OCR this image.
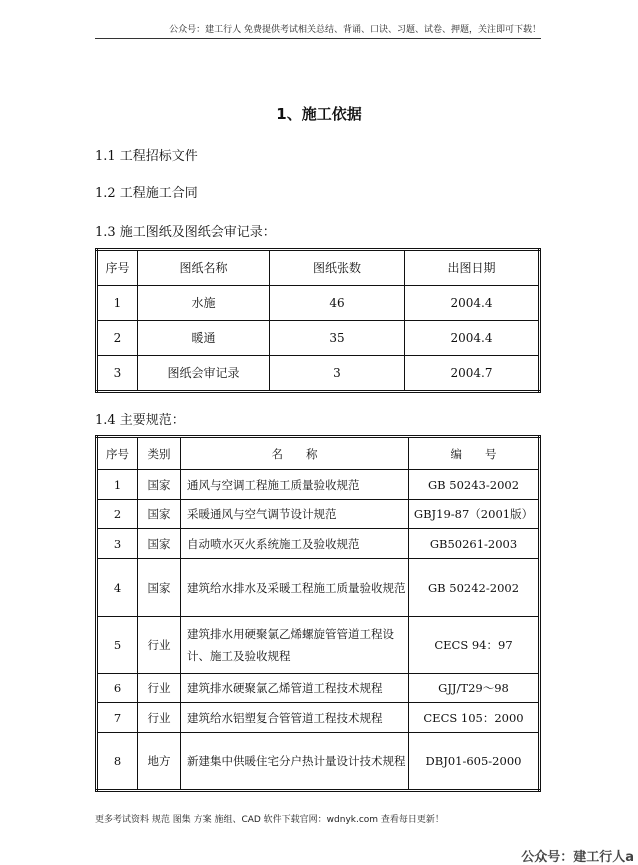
公众号：建工行人 免费提供考试相关总结、背诵、口诀、习题、试卷、押题，关注即可下载！
1、施工依据
1.1 工程招标文件
1.2 工程施工合同
1.3 施工图纸及图纸会审记录：
序号	图纸名称	图纸张数	出图日期
1	水施	46	2004.4
2	暖通	35	2004.4
3	图纸会审记录	3	2004.7
1.4 主要规范：
序号	类别	名　　称	编　　号
1	国家	通风与空调工程施工质量验收规范	GB 50243-2002
2	国家	采暖通风与空气调节设计规范	GBJ19-87（2001版）
3	国家	自动喷水灭火系统施工及验收规范	GB50261-2003
4	国家	建筑给水排水及采暖工程施工质量验收规范	GB 50242-2002
5	行业	建筑排水用硬聚氯乙烯螺旋管管道工程设计、施工及验收规程	CECS 94：97
6	行业	建筑排水硬聚氯乙烯管道工程技术规程	GJJ/T29～98
7	行业	建筑给水铝塑复合管管道工程技术规程	CECS 105：2000
8	地方	新建集中供暖住宅分户热计量设计技术规程	DBJ01-605-2000
更多考试资料 规范 图集 方案 施组、CAD 软件下载官网：wdnyk.com 查看每日更新！
公众号：建工行人a
